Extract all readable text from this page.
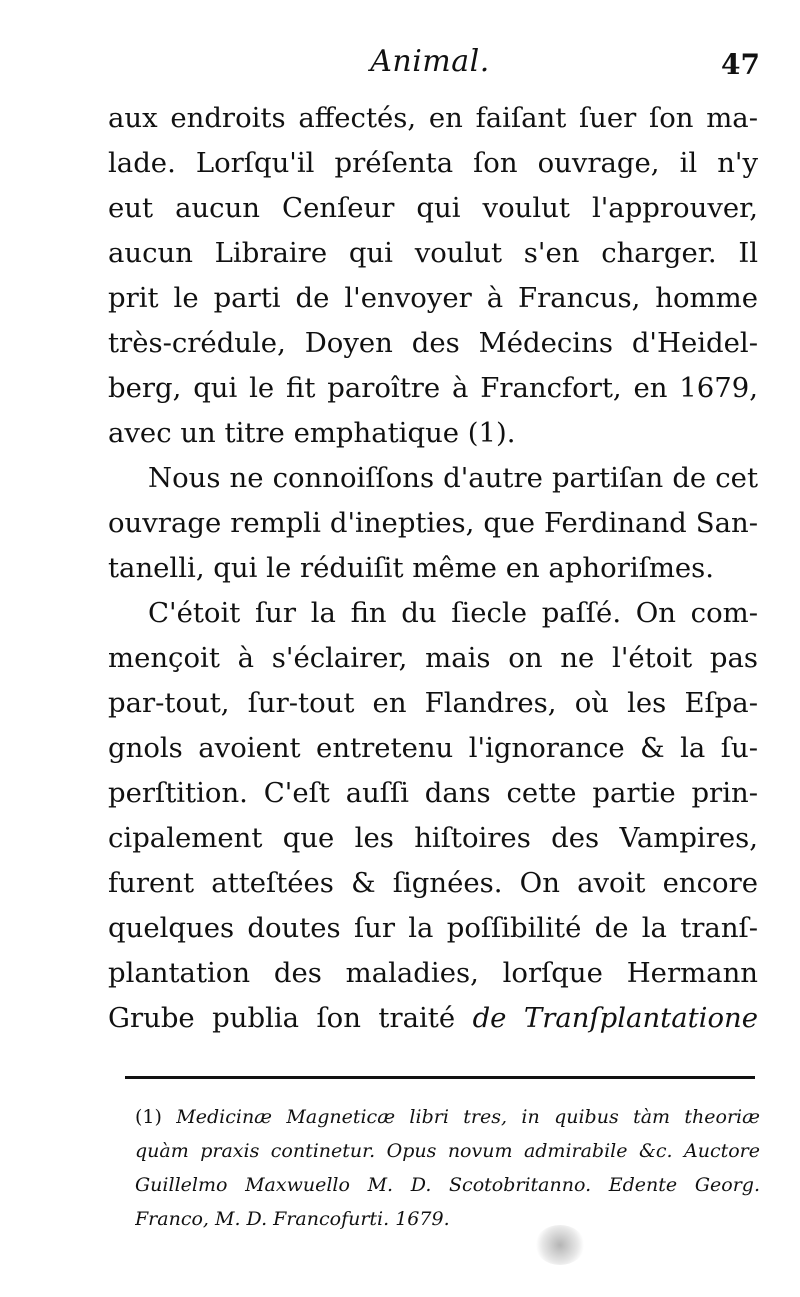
Animal.	47
aux endroits affectés, en faiſant ſuer ſon ma-
lade. Lorſqu'il préſenta ſon ouvrage, il n'y
eut aucun Cenſeur qui voulut l'approuver,
aucun Libraire qui voulut s'en charger. Il
prit le parti de l'envoyer à Francus, homme
très-crédule, Doyen des Médecins d'Heidel-
berg, qui le fit paroître à Francfort, en 1679,
avec un titre emphatique (1).
Nous ne connoiſſons d'autre partiſan de cet
ouvrage rempli d'inepties, que Ferdinand San-
tanelli, qui le réduiſit même en aphoriſmes.
C'étoit ſur la fin du ſiecle paſſé. On com-
mençoit à s'éclairer, mais on ne l'étoit pas
par-tout, ſur-tout en Flandres, où les Eſpa-
gnols avoient entretenu l'ignorance & la ſu-
perſtition. C'eſt auſſi dans cette partie prin-
cipalement que les hiſtoires des Vampires,
furent atteſtées & ſignées. On avoit encore
quelques doutes ſur la poſſibilité de la tranſ-
plantation des maladies, lorſque Hermann
Grube publia ſon traité de Tranſplantatione
(1) Medicinæ Magneticæ libri tres, in quibus tàm theoriæ
quàm praxis continetur. Opus novum admirabile &c. Auctore
Guillelmo Maxwuello M. D. Scotobritanno. Edente Georg.
Franco, M. D. Francofurti. 1679.
